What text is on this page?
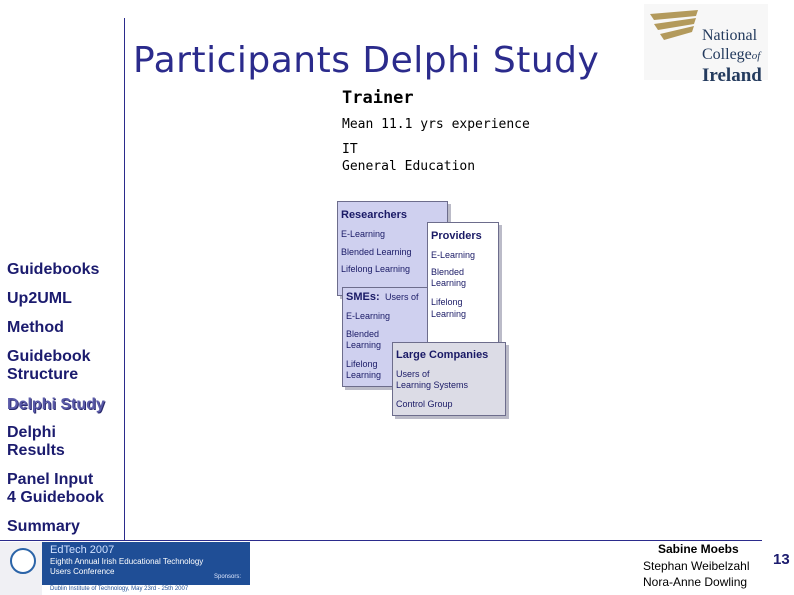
Participants Delphi Study
National
Collegeof
Ireland
Trainer
Mean 11.1 yrs experience
IT
General Education
Guidebooks
Up2UML
Method
Guidebook
Structure
Delphi Study
Delphi
Results
Panel Input
4 Guidebook
Summary
Researchers
E-Learning
Blended Learning
Lifelong Learning
SMEs: Users of
E-Learning
Blended
Learning
Lifelong
Learning
Providers
E-Learning
Blended
Learning
Lifelong
Learning
Large Companies
Users of
Learning Systems
Control Group
EdTech 2007
Eighth Annual Irish Educational Technology
Users Conference
Sponsors:
Dublin Institute of Technology, May 23rd - 25th 2007
Sabine Moebs
Stephan Weibelzahl
Nora-Anne Dowling
13
